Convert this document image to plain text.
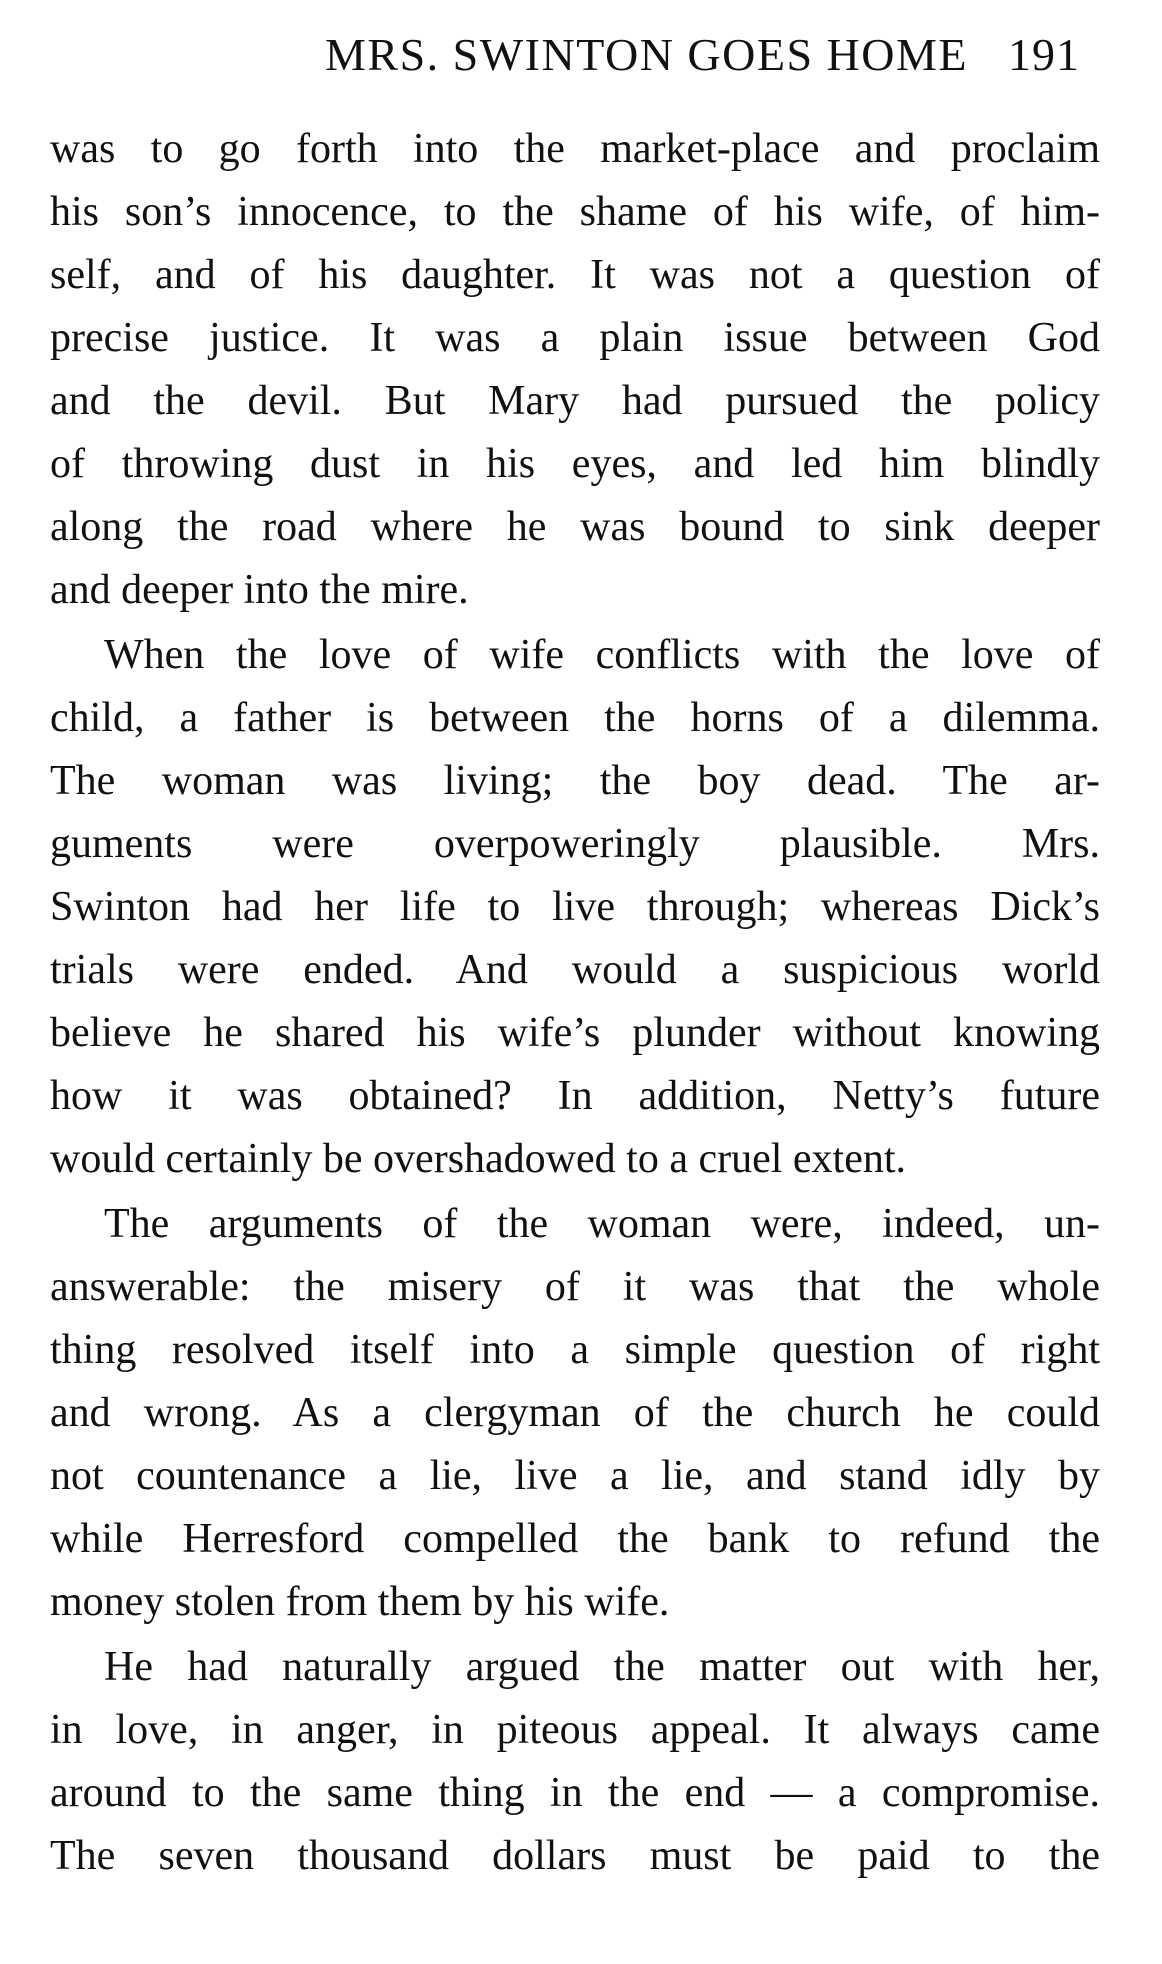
MRS. SWINTON GOES HOME 191
was to go forth into the market-place and proclaim
his son’s innocence, to the shame of his wife, of him-
self, and of his daughter. It was not a question of
precise justice. It was a plain issue between God
and the devil. But Mary had pursued the policy
of throwing dust in his eyes, and led him blindly
along the road where he was bound to sink deeper
and deeper into the mire.
When the love of wife conflicts with the love of
child, a father is between the horns of a dilemma.
The woman was living; the boy dead. The ar-
guments were overpoweringly plausible. Mrs.
Swinton had her life to live through; whereas Dick’s
trials were ended. And would a suspicious world
believe he shared his wife’s plunder without knowing
how it was obtained? In addition, Netty’s future
would certainly be overshadowed to a cruel extent.
The arguments of the woman were, indeed, un-
answerable: the misery of it was that the whole
thing resolved itself into a simple question of right
and wrong. As a clergyman of the church he could
not countenance a lie, live a lie, and stand idly by
while Herresford compelled the bank to refund the
money stolen from them by his wife.
He had naturally argued the matter out with her,
in love, in anger, in piteous appeal. It always came
around to the same thing in the end — a compromise.
The seven thousand dollars must be paid to the
